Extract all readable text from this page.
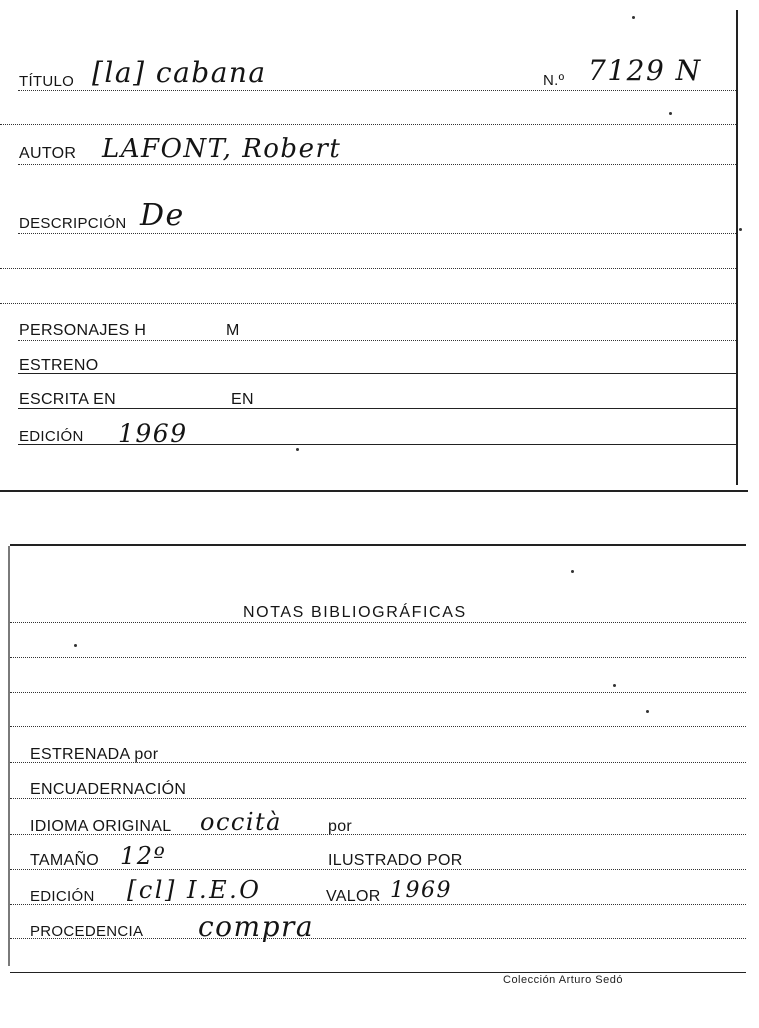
TÍTULO [la] cabana	N.º 7129 N
AUTOR LAFONT, Robert
DESCRIPCIÓN De
PERSONAJES H	M
ESTRENO
ESCRITA EN	EN
EDICIÓN 1969
NOTAS BIBLIOGRÁFICAS
ESTRENADA por
ENCUADERNACIÓN
IDIOMA ORIGINAL occità	por
TAMAÑO 12º	ILUSTRADO POR
EDICIÓN [cl] I.E.O	VALOR 1969
PROCEDENCIA compra
Colección Arturo Sedó
